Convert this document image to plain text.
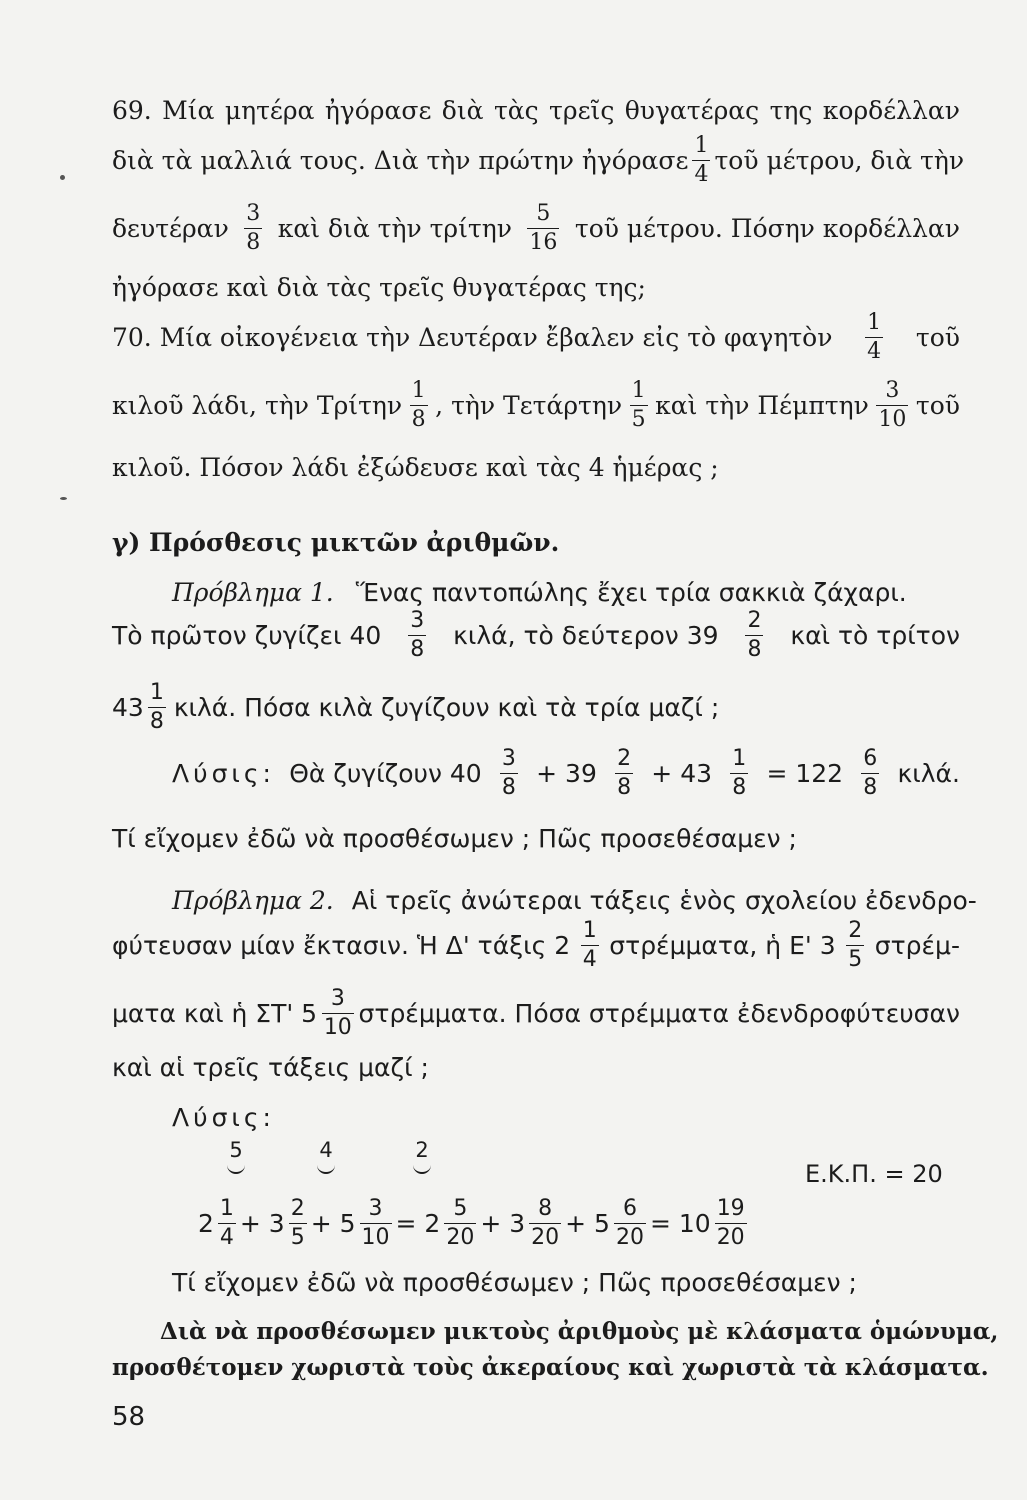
69. Μία μητέρα ἠγόρασε διὰ τὰς τρεῖς θυγατέρας της κορδέλλαν
διὰ τὰ μαλλιά τους. Διὰ τὴν πρώτην ἠγόρασε $\frac{1}{4}$ τοῦ μέτρου, διὰ τὴν
δευτέραν $\frac{3}{8}$ καὶ διὰ τὴν τρίτην $\frac{5}{16}$ τοῦ μέτρου. Πόσην κορδέλλαν
ἠγόρασε καὶ διὰ τὰς τρεῖς θυγατέρας της;
70. Μία οἰκογένεια τὴν Δευτέραν ἔβαλεν εἰς τὸ φαγητὸν $\frac{1}{4}$ τοῦ
κιλοῦ λάδι, τὴν Τρίτην $\frac{1}{8}$ , τὴν Τετάρτην $\frac{1}{5}$ καὶ τὴν Πέμπτην $\frac{3}{10}$ τοῦ
κιλοῦ. Πόσον λάδι ἐξώδευσε καὶ τὰς 4 ἡμέρας ;
γ) Πρόσθεσις μικτῶν ἀριθμῶν.
Πρόβλημα 1. Ἕνας παντοπώλης ἔχει τρία σακκιὰ ζάχαρι.
Τὸ πρῶτον ζυγίζει $40 \frac{3}{8} \kappa\iota\lambda ά$, τὸ δεύτερον $39 \frac{2}{8}$ καὶ τὸ τρίτον
$43 \frac{1}{8} \kappa\iota\lambda ά$. Πόσα κιλὰ ζυγίζουν καὶ τὰ τρία μαζί ;
Λύσις: Θὰ ζυγίζουν $40 \frac{3}{8} + 39 \frac{2}{8} + 43 \frac{1}{8} = 122 \frac{6}{8} \kappa\iota\lambda ά$.
Τί εἴχομεν ἐδῶ νὰ προσθέσωμεν ; Πῶς προσεθέσαμεν ;
Πρόβλημα 2. Αἱ τρεῖς ἀνώτεραι τάξεις ἑνὸς σχολείου ἐδενδρο-
φύτευσαν μίαν ἔκτασιν. Ἡ Δ' τάξις $2 \frac{1}{4} \sigma\tau\rho έ\mu\mu\alpha\tau\alpha$, ἡ Ε' $3 \frac{2}{5} \sigma\tau\rho έ\mu-$
ματα καὶ ἡ ΣΤ' $5 \frac{3}{10} \sigma\tau\rho έ\mu\mu\alpha\tau\alpha$. Πόσα στρέμματα ἐδενδροφύτευσαν
καὶ αἱ τρεῖς τάξεις μαζί ;
Λύσις:
5	4	2
Ε.Κ.Π. = 20
$2 \frac{1}{4} + 3 \frac{2}{5} + 5 \frac{3}{10} = 2 \frac{5}{20} + 3 \frac{8}{20} + 5 \frac{6}{20} = 10 \frac{19}{20}$
Τί εἴχομεν ἐδῶ νὰ προσθέσωμεν ; Πῶς προσεθέσαμεν ;
Διὰ νὰ προσθέσωμεν μικτοὺς ἀριθμοὺς μὲ κλάσματα ὁμώνυμα,
προσθέτομεν χωριστὰ τοὺς ἀκεραίους καὶ χωριστὰ τὰ κλάσματα.
58
